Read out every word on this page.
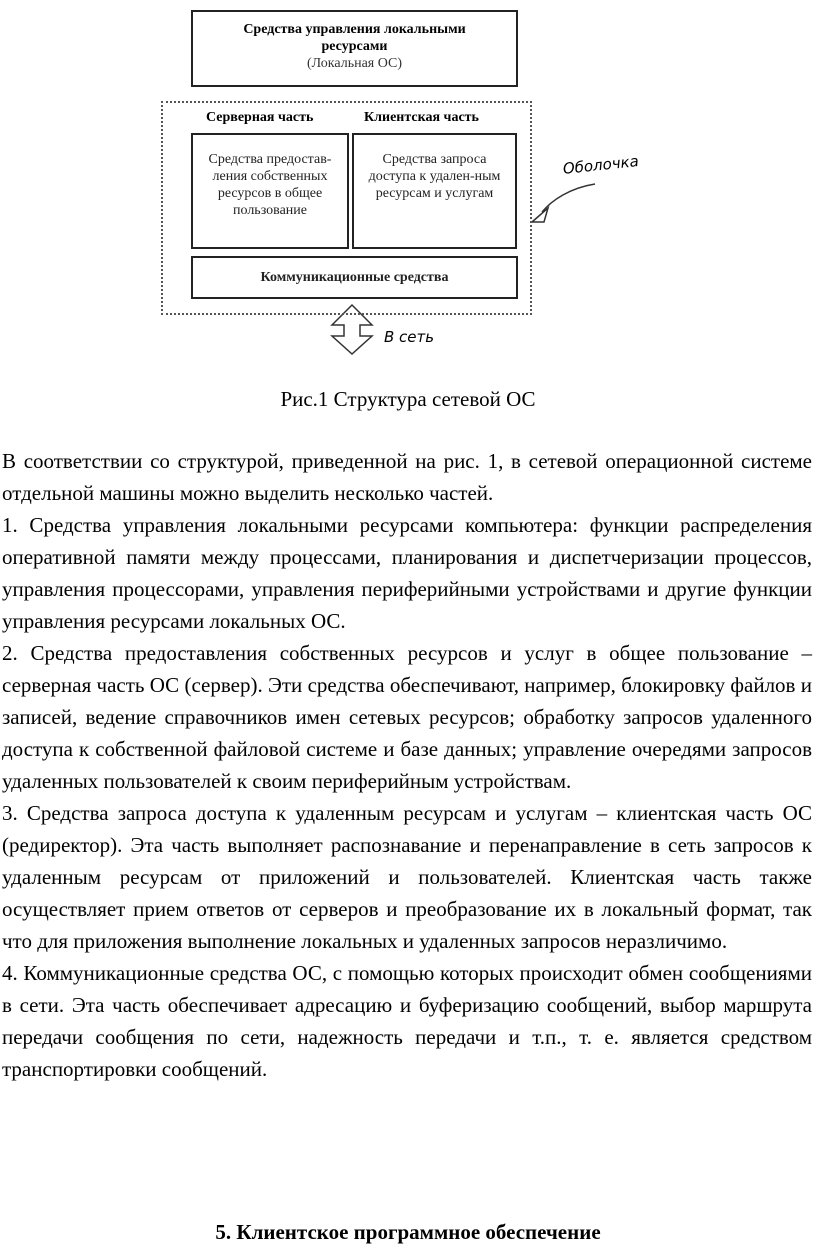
Средства управления локальными ресурсами
(Локальная ОС)
Серверная часть	Клиентская часть
Средства предостав-ления собственных ресурсов в общее пользование
Средства запроса доступа к удален-ным ресурсам и услугам
Коммуникационные средства
Оболочка
В сеть
Рис.1 Структура сетевой ОС

В соответствии со структурой, приведенной на рис. 1, в сетевой операционной системе отдельной машины можно выделить несколько частей.

1. Средства управления локальными ресурсами компьютера: функции распределения оперативной памяти между процессами, планирования и диспетчеризации процессов, управления процессорами, управления периферийными устройствами и другие функции управления ресурсами локальных ОС.

2. Средства предоставления собственных ресурсов и услуг в общее пользование – серверная часть ОС (сервер). Эти средства обеспечивают, например, блокировку файлов и записей, ведение справочников имен сетевых ресурсов; обработку запросов удаленного доступа к собственной файловой системе и базе данных; управление очередями запросов удаленных пользователей к своим периферийным устройствам.

3. Средства запроса доступа к удаленным ресурсам и услугам – клиентская часть ОС (редиректор). Эта часть выполняет распознавание и перенаправление в сеть запросов к удаленным ресурсам от приложений и пользователей. Клиентская часть также осуществляет прием ответов от серверов и преобразование их в локальный формат, так что для приложения выполнение локальных и удаленных запросов неразличимо.

4. Коммуникационные средства ОС, с помощью которых происходит обмен сообщениями в сети. Эта часть обеспечивает адресацию и буферизацию сообщений, выбор маршрута передачи сообщения по сети, надежность передачи и т.п., т. е. является средством транспортировки сообщений.

5. Клиентское программное обеспечение
